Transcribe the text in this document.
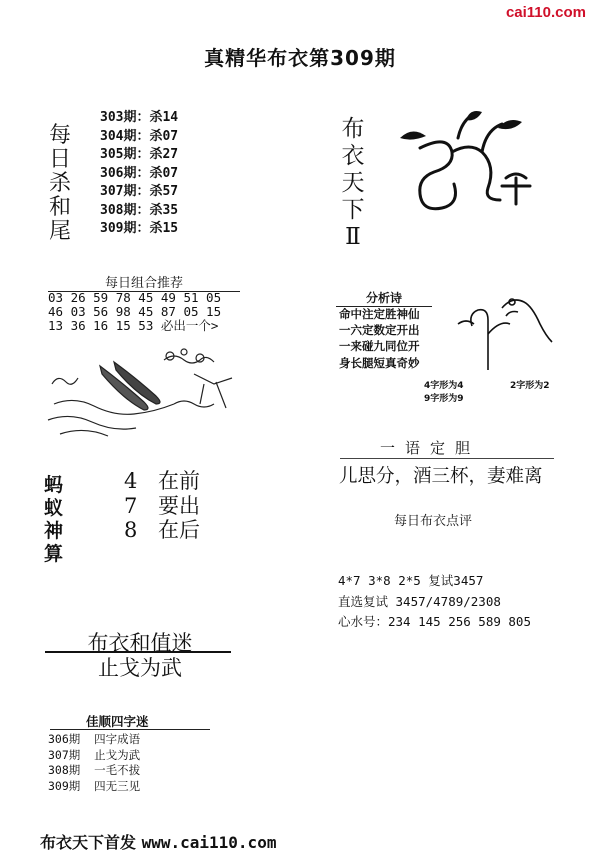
cai110.com
真精华布衣第309期
每
日
杀
和
尾
303期：杀14
304期：杀07
305期：杀27
306期：杀07
307期：杀57
308期：杀35
309期：杀15
每日组合推荐
03 26 59 78 45 49 51 05
46 03 56 98 45 87 05 15
13 36 16 15 53 必出一个>
蚂
蚁
神
算
4 在前
7 要出
8 在后
布衣和值迷
止戈为武
佳顺四字迷
306期  四字成语
307期  止戈为武
308期  一毛不拔
309期  四无三见
布衣天下首发 www.cai110.com
布
衣
天
下
Ⅱ
分析诗
命中注定胜神仙
一六定数定开出
一来碰九同位开
身长腿短真奇妙
4字形为4	2字形为2
9字形为9
一语定胆
儿思分，酒三杯，妻难离
每日布衣点评
4*7 3*8 2*5 复试3457
直选复试 3457/4789/2308
心水号：234 145 256 589 805
